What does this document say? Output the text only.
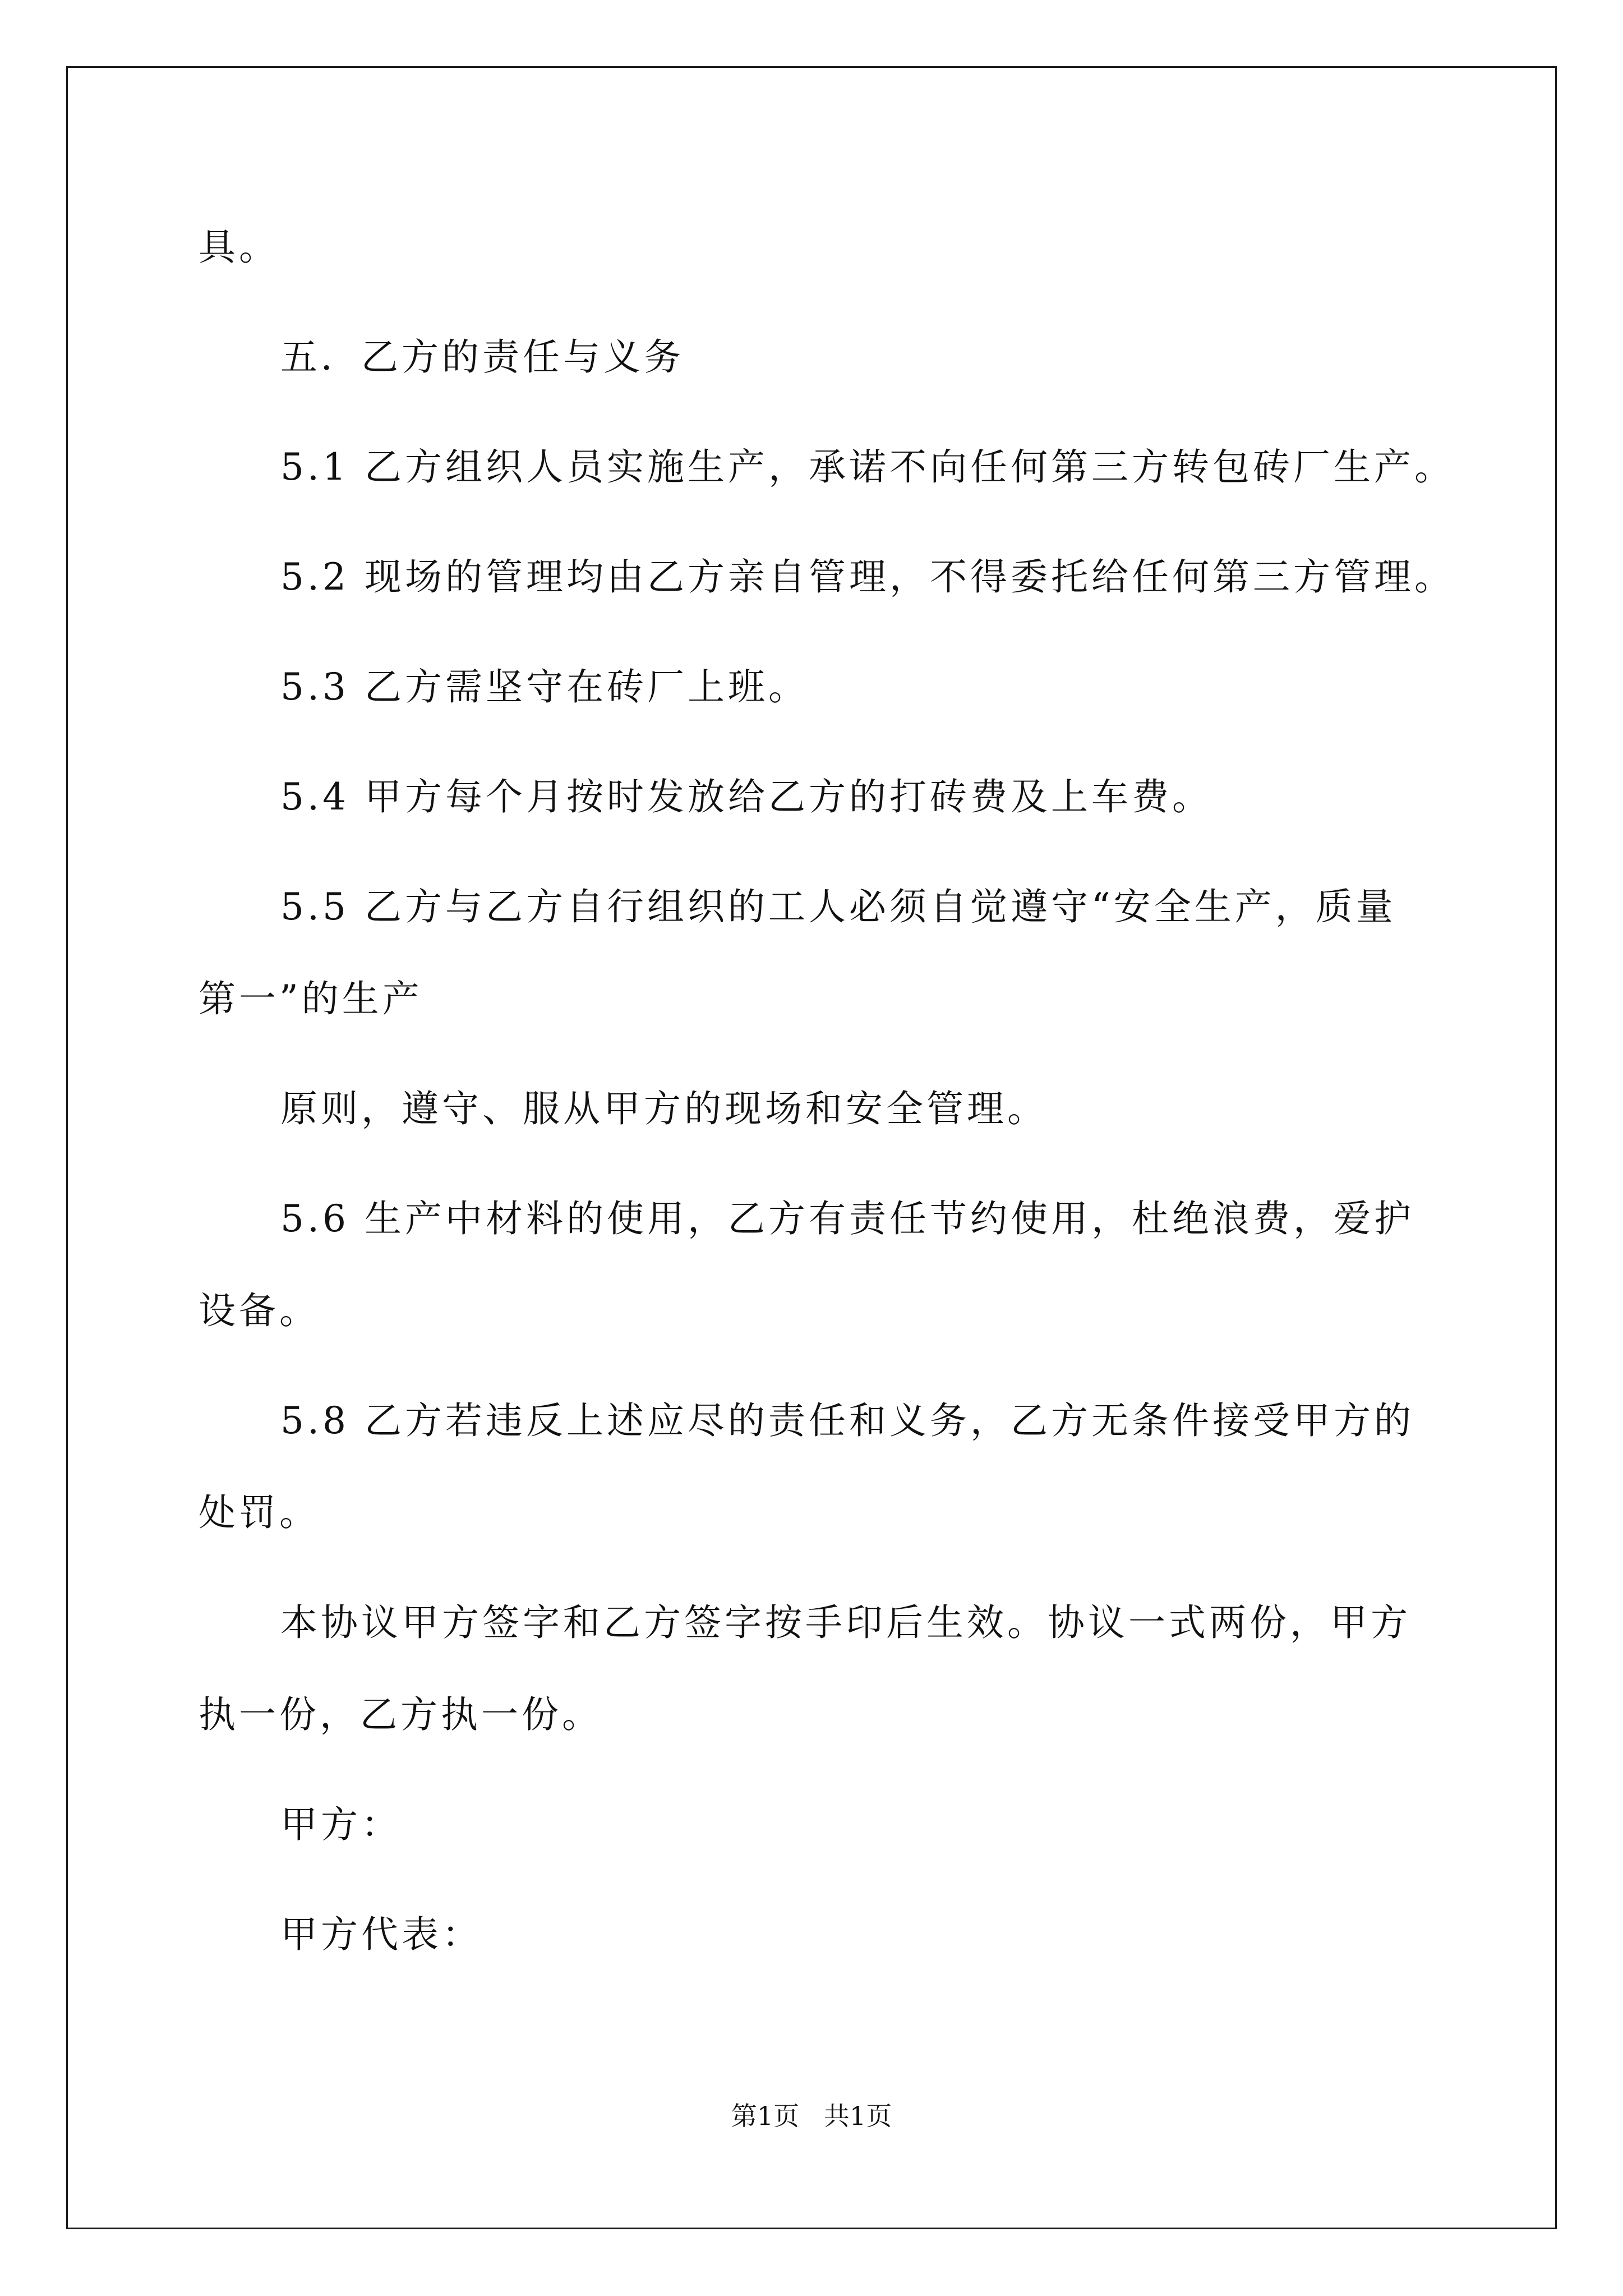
具。
五．乙方的责任与义务
5.1 乙方组织人员实施生产，承诺不向任何第三方转包砖厂生产。
5.2 现场的管理均由乙方亲自管理，不得委托给任何第三方管理。
5.3 乙方需坚守在砖厂上班。
5.4 甲方每个月按时发放给乙方的打砖费及上车费。
5.5 乙方与乙方自行组织的工人必须自觉遵守“安全生产，质量
第一”的生产
原则，遵守、服从甲方的现场和安全管理。
5.6 生产中材料的使用，乙方有责任节约使用，杜绝浪费，爱护
设备。
5.8 乙方若违反上述应尽的责任和义务，乙方无条件接受甲方的
处罚。
本协议甲方签字和乙方签字按手印后生效。协议一式两份，甲方
执一份，乙方执一份。
甲方：
甲方代表：
第1页   共1页
